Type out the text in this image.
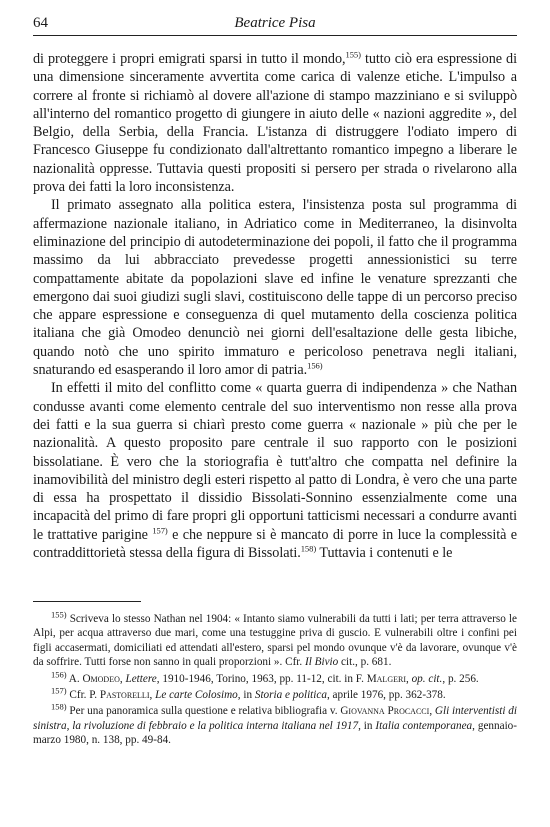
64	Beatrice Pisa

di proteggere i propri emigrati sparsi in tutto il mondo,$^{155)}$ tutto ciò era espressione di una dimensione sinceramente avvertita come carica di valenze etiche. L'impulso a correre al fronte si richiamò al dovere all'azione di stampo mazziniano e si sviluppò all'interno del romantico progetto di giungere in aiuto delle « nazioni aggredite », del Belgio, della Serbia, della Francia. L'istanza di distruggere l'odiato impero di Francesco Giuseppe fu condizionato dall'altrettanto romantico impegno a liberare le nazionalità oppresse. Tuttavia questi propositi si persero per strada o rivelarono alla prova dei fatti la loro inconsistenza.

Il primato assegnato alla politica estera, l'insistenza posta sul programma di affermazione nazionale italiano, in Adriatico come in Mediterraneo, la disinvolta eliminazione del principio di autodeterminazione dei popoli, il fatto che il programma massimo da lui abbracciato prevedesse progetti annessionistici su terre compattamente abitate da popolazioni slave ed infine le venature sprezzanti che emergono dai suoi giudizi sugli slavi, costituiscono delle tappe di un percorso preciso che appare espressione e conseguenza di quel mutamento della coscienza politica italiana che già Omodeo denunciò nei giorni dell'esaltazione delle gesta libiche, quando notò che uno spirito immaturo e pericoloso penetrava negli italiani, snaturando ed esasperando il loro amor di patria.$^{156)}$

In effetti il mito del conflitto come « quarta guerra di indipendenza » che Nathan condusse avanti come elemento centrale del suo interventismo non resse alla prova dei fatti e la sua guerra si chiarì presto come guerra « nazionale » più che per le nazionalità. A questo proposito pare centrale il suo rapporto con le posizioni bissolatiane. È vero che la storiografia è tutt'altro che compatta nel definire la inamovibilità del ministro degli esteri rispetto al patto di Londra, è vero che una parte di essa ha prospettato il dissidio Bissolati-Sonnino essenzialmente come una incapacità del primo di fare propri gli opportuni tatticismi necessari a condurre avanti le trattative parigine $^{157)}$ e che neppure si è mancato di porre in luce la complessità e contraddittorietà stessa della figura di Bissolati.$^{158)}$ Tuttavia i contenuti e le

$^{155)}$ Scriveva lo stesso Nathan nel 1904: « Intanto siamo vulnerabili da tutti i lati; per terra attraverso le Alpi, per acqua attraverso due mari, come una testuggine priva di guscio. E vulnerabili oltre i confini pei figli accasermati, domiciliati ed attendati all'estero, sparsi pel mondo ovunque v'è da lavorare, ovunque v'è da soffrire. Tutti forse non sanno in quali proporzioni ». Cfr. Il Bivio cit., p. 681.

$^{156)}$ A. Omodeo, Lettere, 1910-1946, Torino, 1963, pp. 11-12, cit. in F. Malgeri, op. cit., p. 256.

$^{157)}$ Cfr. P. Pastorelli, Le carte Colosimo, in Storia e politica, aprile 1976, pp. 362-378.

$^{158)}$ Per una panoramica sulla questione e relativa bibliografia v. Giovanna Procacci, Gli interventisti di sinistra, la rivoluzione di febbraio e la politica interna italiana nel 1917, in Italia contemporanea, gennaio-marzo 1980, n. 138, pp. 49-84.
